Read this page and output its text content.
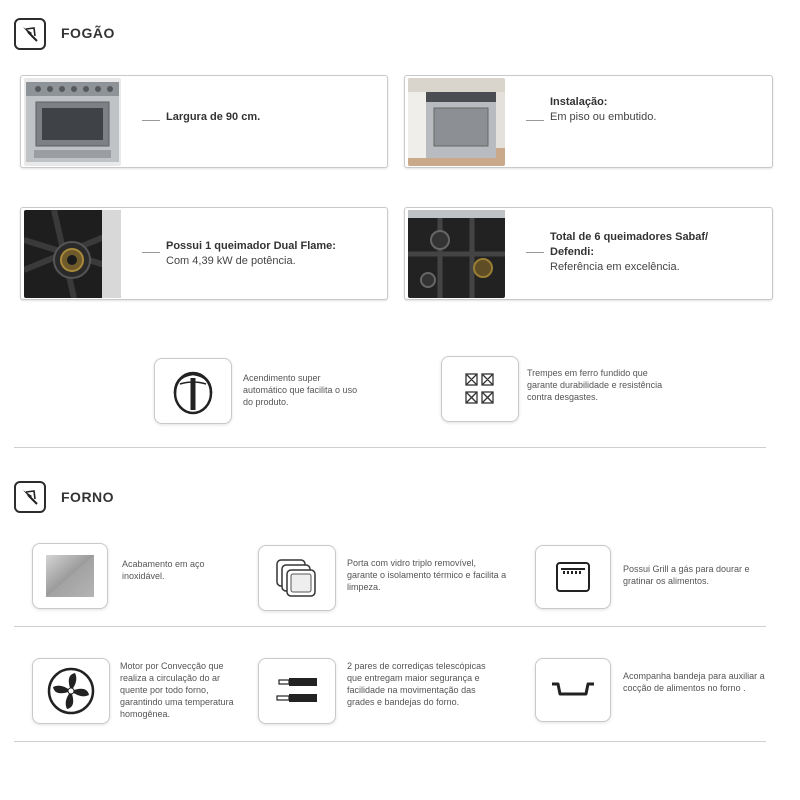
FOGÃO
Largura de 90 cm.
Instalação:
Em piso ou embutido.
Possui 1 queimador Dual Flame:
Com 4,39 kW de potência.
Total de 6 queimadores Sabaf/ Defendi:
Referência em excelência.
Acendimento super automático que facilita o uso do produto.
Trempes em ferro fundido que garante durabilidade e resistência contra desgastes.
FORNO
Acabamento em aço inoxidável.
Porta com vidro triplo removível, garante o isolamento térmico e facilita a limpeza.
Possui Grill a gás para dourar e gratinar os alimentos.
Motor por Convecção que realiza a circulação do ar quente por todo forno, garantindo uma temperatura homogênea.
2 pares de corrediças telescópicas que entregam maior segurança e facilidade na movimentação das grades e bandejas do forno.
Acompanha bandeja para auxiliar a cocção de alimentos no forno .
